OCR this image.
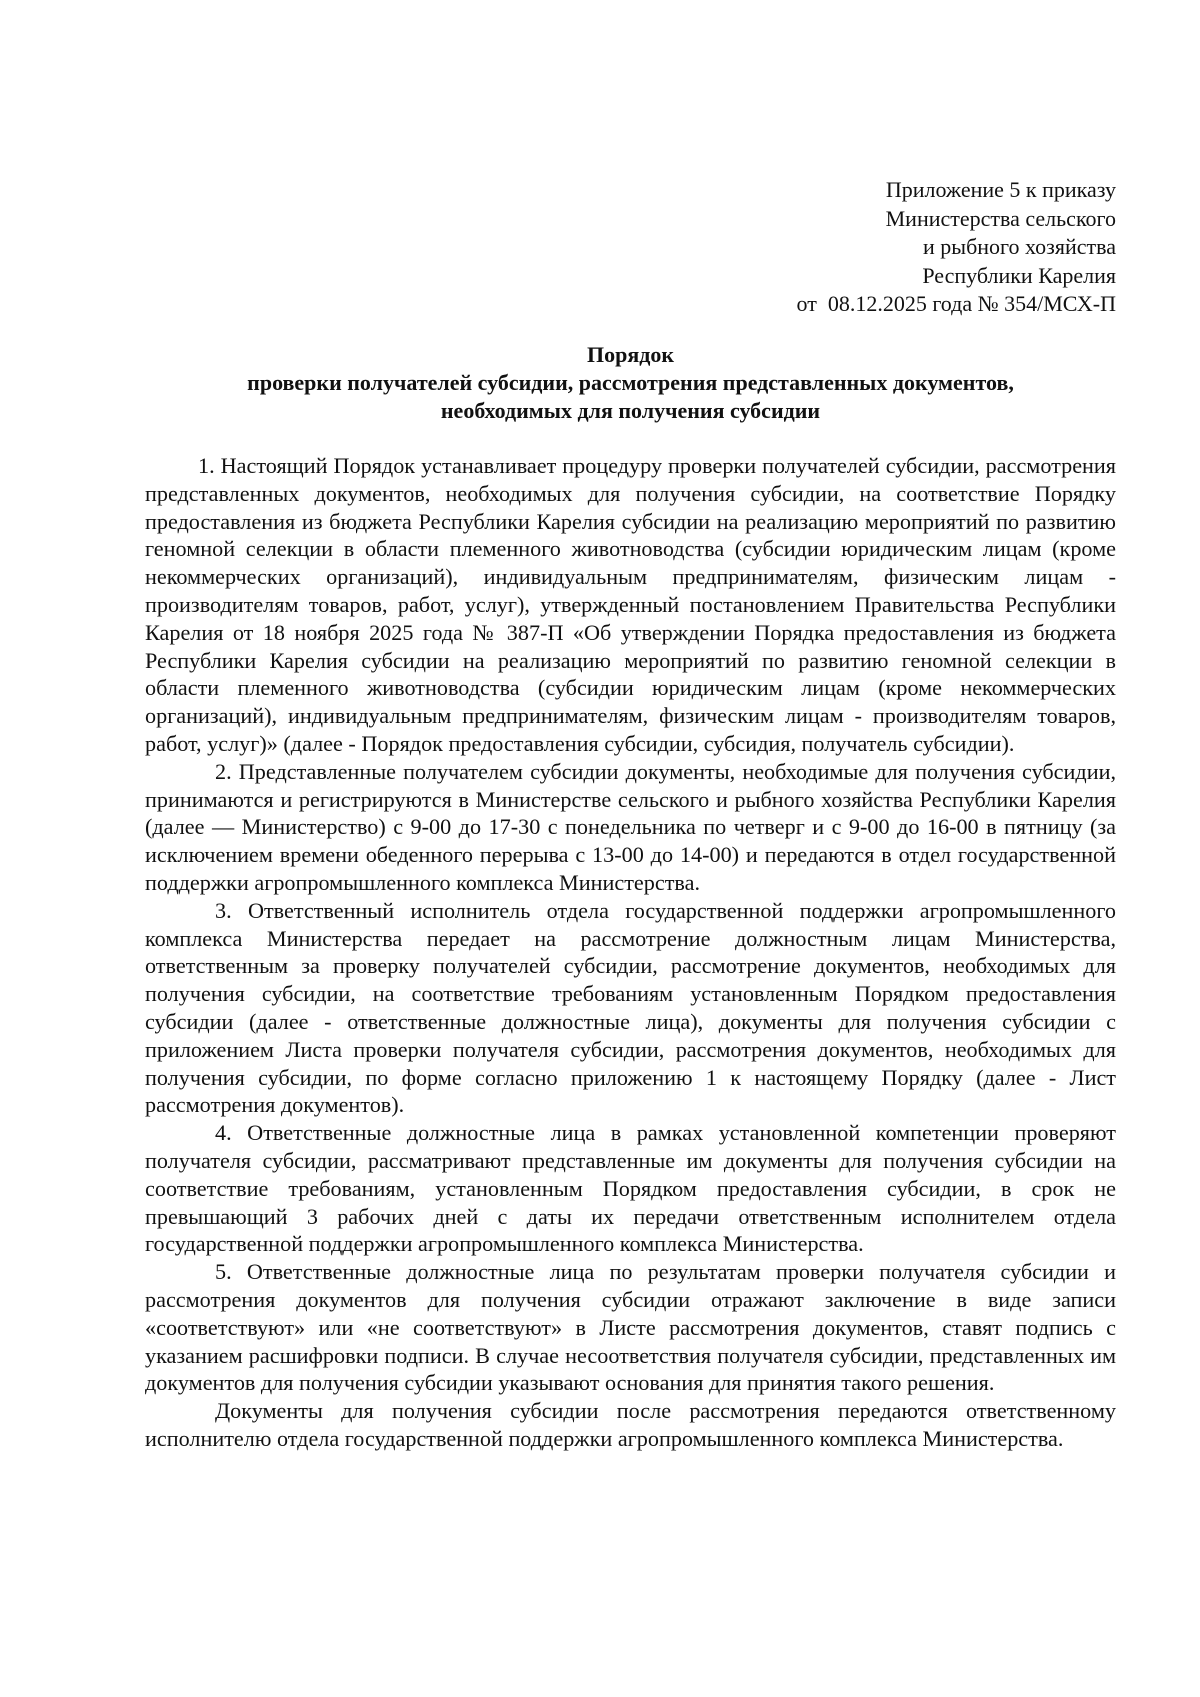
Приложение 5 к приказу
Министерства сельского
и рыбного хозяйства
Республики Карелия
от  08.12.2025 года № 354/МСХ-П
Порядок
проверки получателей субсидии, рассмотрения представленных документов,
необходимых для получения субсидии

1. Настоящий Порядок устанавливает процедуру проверки получателей субсидии, рассмотрения представленных документов, необходимых для получения субсидии, на соответствие Порядку предоставления из бюджета Республики Карелия субсидии на реализацию мероприятий по развитию геномной селекции в области племенного животноводства (субсидии юридическим лицам (кроме некоммерческих организаций), индивидуальным предпринимателям, физическим лицам - производителям товаров, работ, услуг), утвержденный постановлением Правительства Республики Карелия от 18 ноября 2025 года № 387-П «Об утверждении Порядка предоставления из бюджета Республики Карелия субсидии на реализацию мероприятий по развитию геномной селекции в области племенного животноводства (субсидии юридическим лицам (кроме некоммерческих организаций), индивидуальным предпринимателям, физическим лицам - производителям товаров, работ, услуг)» (далее - Порядок предоставления субсидии, субсидия, получатель субсидии).

2. Представленные получателем субсидии документы, необходимые для получения субсидии, принимаются и регистрируются в Министерстве сельского и рыбного хозяйства Республики Карелия (далее — Министерство) с 9-00 до 17-30 с понедельника по четверг и с 9-00 до 16-00 в пятницу (за исключением времени обеденного перерыва с 13-00 до 14-00) и передаются в отдел государственной поддержки агропромышленного комплекса Министерства.

3. Ответственный исполнитель отдела государственной поддержки агропромышленного комплекса Министерства передает на рассмотрение должностным лицам Министерства, ответственным за проверку получателей субсидии, рассмотрение документов, необходимых для получения субсидии, на соответствие требованиям установленным Порядком предоставления субсидии (далее - ответственные должностные лица), документы для получения субсидии с приложением Листа проверки получателя субсидии, рассмотрения документов, необходимых для получения субсидии, по форме согласно приложению 1 к настоящему Порядку (далее - Лист рассмотрения документов).

4. Ответственные должностные лица в рамках установленной компетенции проверяют получателя субсидии, рассматривают представленные им документы для получения субсидии на соответствие требованиям, установленным Порядком предоставления субсидии, в срок не превышающий 3 рабочих дней с даты их передачи ответственным исполнителем отдела государственной поддержки агропромышленного комплекса Министерства.

5. Ответственные должностные лица по результатам проверки получателя субсидии и рассмотрения документов для получения субсидии отражают заключение в виде записи «соответствуют» или «не соответствуют» в Листе рассмотрения документов, ставят подпись с указанием расшифровки подписи. В случае несоответствия получателя субсидии, представленных им документов для получения субсидии указывают основания для принятия такого решения.

Документы для получения субсидии после рассмотрения передаются ответственному исполнителю отдела государственной поддержки агропромышленного комплекса Министерства.
